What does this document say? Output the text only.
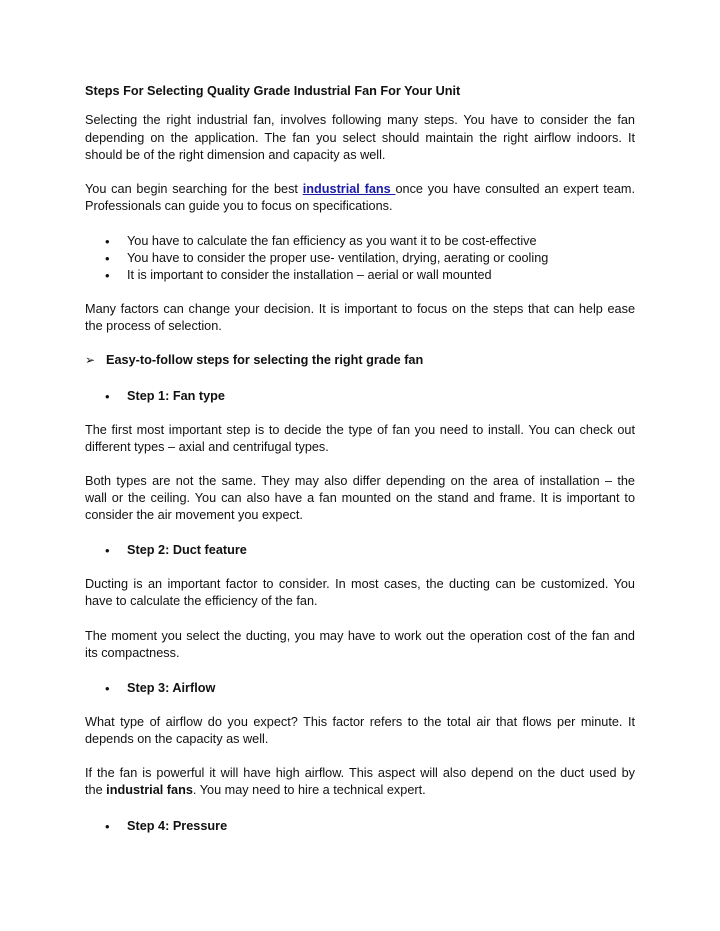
Steps For Selecting Quality Grade Industrial Fan For Your Unit
Selecting the right industrial fan, involves following many steps. You have to consider the fan
depending on the application. The fan you select should maintain the right airflow indoors. It
should be of the right dimension and capacity as well.
You can begin searching for the best industrial fans once you have consulted an expert team.
Professionals can guide you to focus on specifications.
• You have to calculate the fan efficiency as you want it to be cost-effective
• You have to consider the proper use- ventilation, drying, aerating or cooling
• It is important to consider the installation – aerial or wall mounted
Many factors can change your decision. It is important to focus on the steps that can help ease
the process of selection.
➢ Easy-to-follow steps for selecting the right grade fan
• Step 1: Fan type
The first most important step is to decide the type of fan you need to install. You can check out
different types – axial and centrifugal types.
Both types are not the same. They may also differ depending on the area of installation – the
wall or the ceiling. You can also have a fan mounted on the stand and frame. It is important to
consider the air movement you expect.
• Step 2: Duct feature
Ducting is an important factor to consider. In most cases, the ducting can be customized. You
have to calculate the efficiency of the fan.
The moment you select the ducting, you may have to work out the operation cost of the fan and
its compactness.
• Step 3: Airflow
What type of airflow do you expect? This factor refers to the total air that flows per minute. It
depends on the capacity as well.
If the fan is powerful it will have high airflow. This aspect will also depend on the duct used by
the industrial fans. You may need to hire a technical expert.
• Step 4: Pressure
